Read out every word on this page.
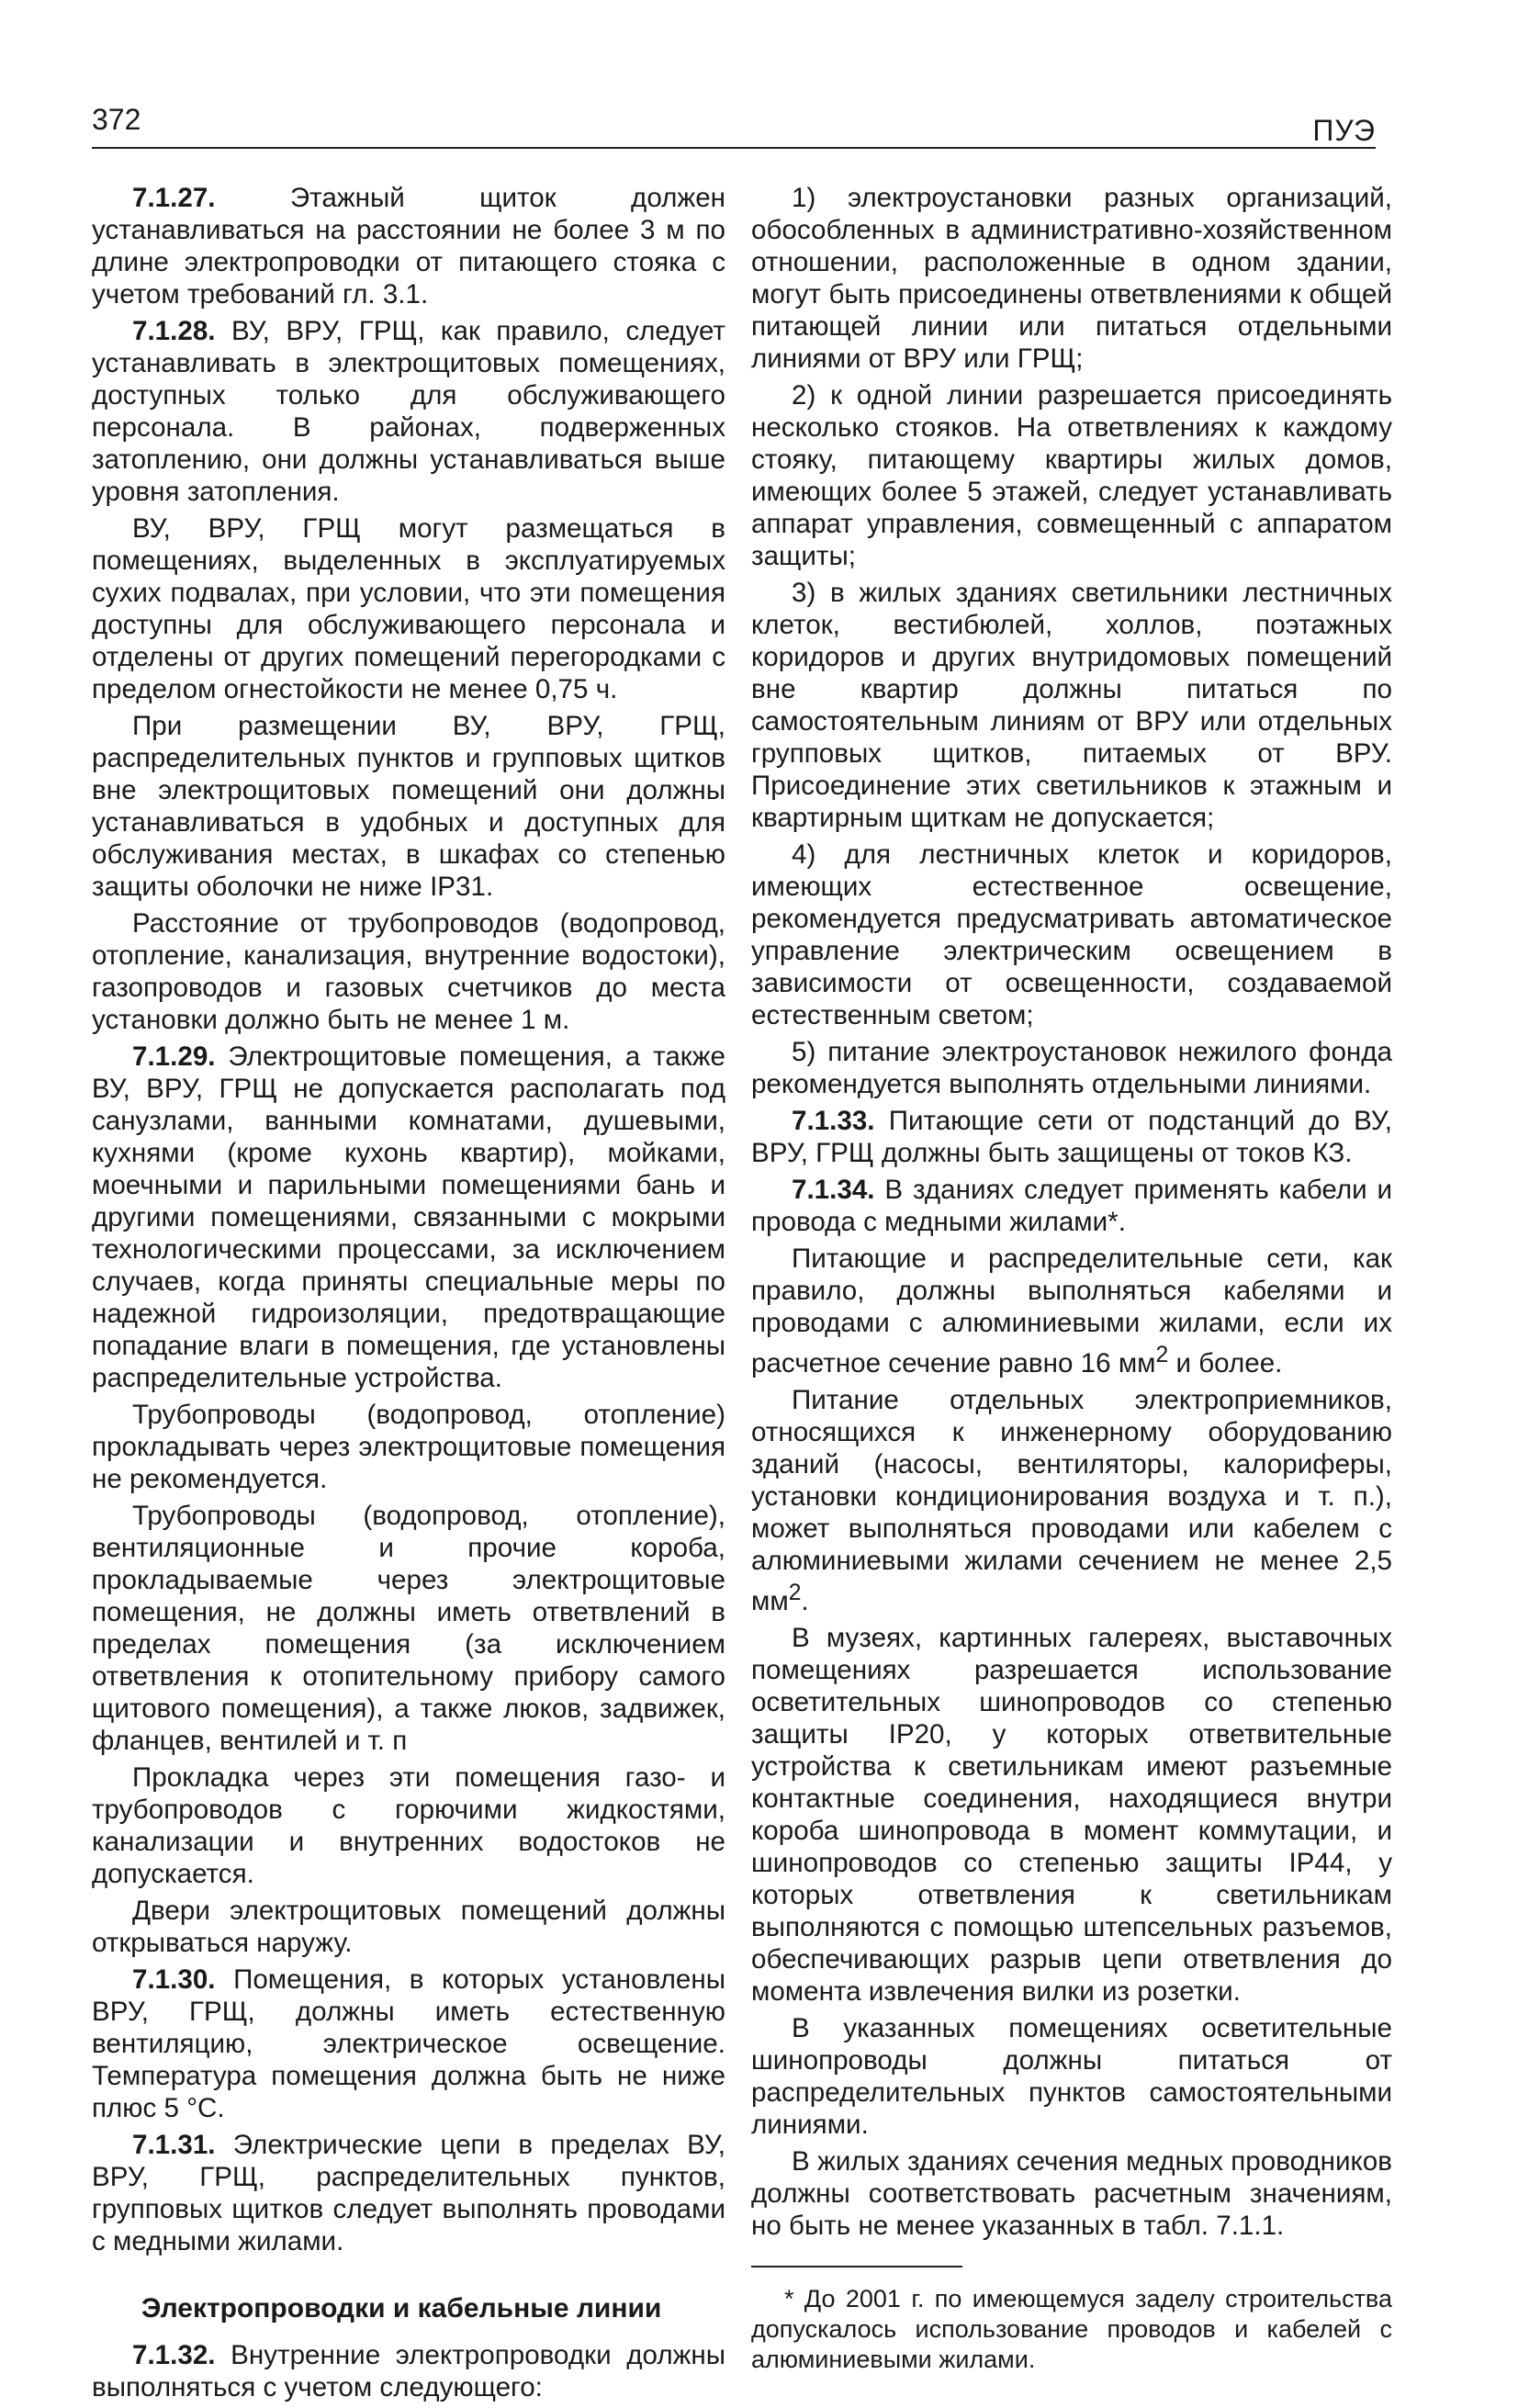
372	ПУЭ

7.1.27. Этажный щиток должен устанавливаться на расстоянии не более 3 м по длине электропроводки от питающего стояка с учетом требований гл. 3.1.

7.1.28. ВУ, ВРУ, ГРЩ, как правило, следует устанавливать в электрощитовых помещениях, доступных только для обслуживающего персонала. В районах, подверженных затоплению, они должны устанавливаться выше уровня затопления.

ВУ, ВРУ, ГРЩ могут размещаться в помещениях, выделенных в эксплуатируемых сухих подвалах, при условии, что эти помещения доступны для обслуживающего персонала и отделены от других помещений перегородками с пределом огнестойкости не менее 0,75 ч.

При размещении ВУ, ВРУ, ГРЩ, распределительных пунктов и групповых щитков вне электрощитовых помещений они должны устанавливаться в удобных и доступных для обслуживания местах, в шкафах со степенью защиты оболочки не ниже IP31.

Расстояние от трубопроводов (водопровод, отопление, канализация, внутренние водостоки), газопроводов и газовых счетчиков до места установки должно быть не менее 1 м.

7.1.29. Электрощитовые помещения, а также ВУ, ВРУ, ГРЩ не допускается располагать под санузлами, ванными комнатами, душевыми, кухнями (кроме кухонь квартир), мойками, моечными и парильными помещениями бань и другими помещениями, связанными с мокрыми технологическими процессами, за исключением случаев, когда приняты специальные меры по надежной гидроизоляции, предотвращающие попадание влаги в помещения, где установлены распределительные устройства.

Трубопроводы (водопровод, отопление) прокладывать через электрощитовые помещения не рекомендуется.

Трубопроводы (водопровод, отопление), вентиляционные и прочие короба, прокладываемые через электрощитовые помещения, не должны иметь ответвлений в пределах помещения (за исключением ответвления к отопительному прибору самого щитового помещения), а также люков, задвижек, фланцев, вентилей и т. п

Прокладка через эти помещения газо- и трубопроводов с горючими жидкостями, канализации и внутренних водостоков не допускается.

Двери электрощитовых помещений должны открываться наружу.

7.1.30. Помещения, в которых установлены ВРУ, ГРЩ, должны иметь естественную вентиляцию, электрическое освещение. Температура помещения должна быть не ниже плюс 5 °С.

7.1.31. Электрические цепи в пределах ВУ, ВРУ, ГРЩ, распределительных пунктов, групповых щитков следует выполнять проводами с медными жилами.

Электропроводки и кабельные линии

7.1.32. Внутренние электропроводки должны выполняться с учетом следующего:

1) электроустановки разных организаций, обособленных в административно-хозяйственном отношении, расположенные в одном здании, могут быть присоединены ответвлениями к общей питающей линии или питаться отдельными линиями от ВРУ или ГРЩ;

2) к одной линии разрешается присоединять несколько стояков. На ответвлениях к каждому стояку, питающему квартиры жилых домов, имеющих более 5 этажей, следует устанавливать аппарат управления, совмещенный с аппаратом защиты;

3) в жилых зданиях светильники лестничных клеток, вестибюлей, холлов, поэтажных коридоров и других внутридомовых помещений вне квартир должны питаться по самостоятельным линиям от ВРУ или отдельных групповых щитков, питаемых от ВРУ. Присоединение этих светильников к этажным и квартирным щиткам не допускается;

4) для лестничных клеток и коридоров, имеющих естественное освещение, рекомендуется предусматривать автоматическое управление электрическим освещением в зависимости от освещенности, создаваемой естественным светом;

5) питание электроустановок нежилого фонда рекомендуется выполнять отдельными линиями.

7.1.33. Питающие сети от подстанций до ВУ, ВРУ, ГРЩ должны быть защищены от токов КЗ.

7.1.34. В зданиях следует применять кабели и провода с медными жилами*.

Питающие и распределительные сети, как правило, должны выполняться кабелями и проводами с алюминиевыми жилами, если их расчетное сечение равно 16 $мм^2$ и более.

Питание отдельных электроприемников, относящихся к инженерному оборудованию зданий (насосы, вентиляторы, калориферы, установки кондиционирования воздуха и т. п.), может выполняться проводами или кабелем с алюминиевыми жилами сечением не менее 2,5 $мм^2$.

В музеях, картинных галереях, выставочных помещениях разрешается использование осветительных шинопроводов со степенью защиты IP20, у которых ответвительные устройства к светильникам имеют разъемные контактные соединения, находящиеся внутри короба шинопровода в момент коммутации, и шинопроводов со степенью защиты IP44, у которых ответвления к светильникам выполняются с помощью штепсельных разъемов, обеспечивающих разрыв цепи ответвления до момента извлечения вилки из розетки.

В указанных помещениях осветительные шинопроводы должны питаться от распределительных пунктов самостоятельными линиями.

В жилых зданиях сечения медных проводников должны соответствовать расчетным значениям, но быть не менее указанных в табл. 7.1.1.

* До 2001 г. по имеющемуся заделу строительства допускалось использование проводов и кабелей с алюминиевыми жилами.
